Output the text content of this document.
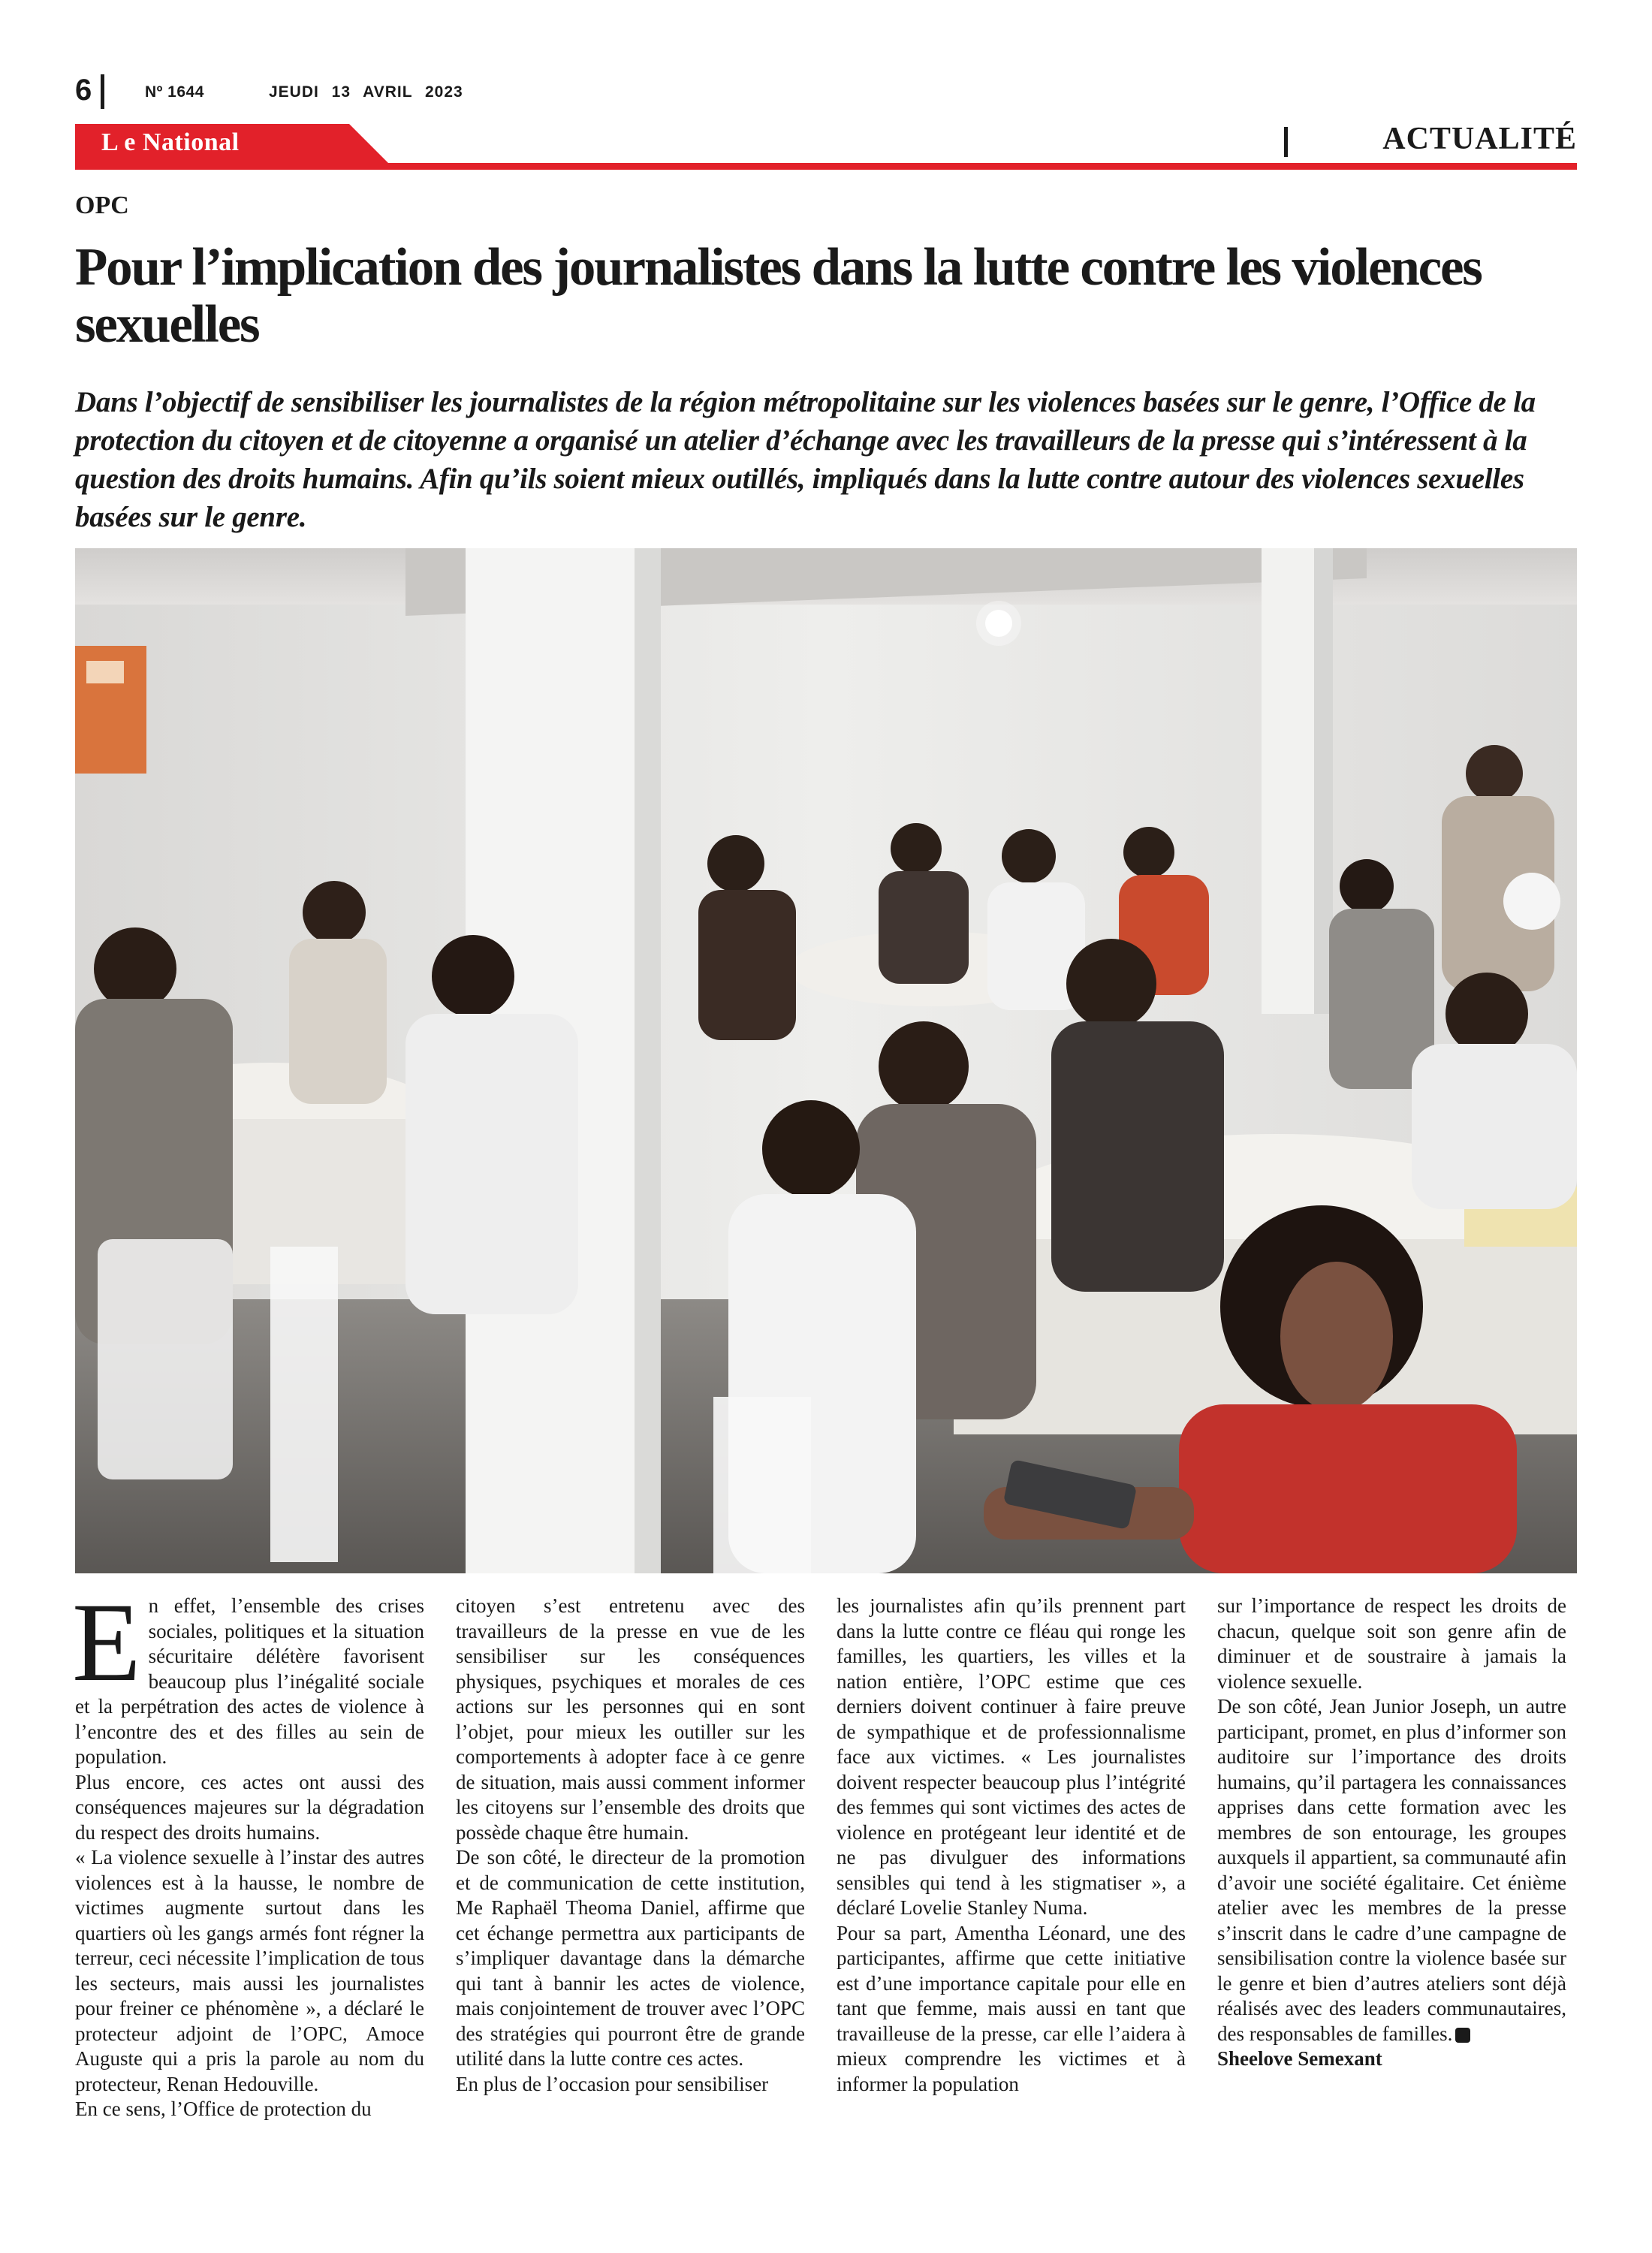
6	Nº 1644	JEUDI 13 AVRIL 2023
L e National	ACTUALITÉ
OPC
Pour l’implication des journalistes dans la lutte contre les violences sexuelles
Dans l’objectif de sensibiliser les journalistes de la région métropolitaine sur les violences basées sur le genre, l’Office de la protection du citoyen et de citoyenne a organisé un atelier d’échange avec les travailleurs de la presse qui s’intéressent à la question des droits humains. Afin qu’ils soient mieux outillés, impliqués dans la lutte contre autour des violences sexuelles basées sur le genre.

En effet, l’ensemble des crises sociales, politiques et la situation sécuritaire délétère favorisent beaucoup plus l’inégalité sociale et la perpétration des actes de violence à l’encontre des et des filles au sein de population.

Plus encore, ces actes ont aussi des conséquences majeures sur la dégradation du respect des droits humains.

« La violence sexuelle à l’instar des autres violences est à la hausse, le nombre de victimes augmente surtout dans les quartiers où les gangs armés font régner la terreur, ceci nécessite l’implication de tous les secteurs, mais aussi les journalistes pour freiner ce phénomène », a déclaré le protecteur adjoint de l’OPC, Amoce Auguste qui a pris la parole au nom du protecteur, Renan Hedouville.

En ce sens, l’Office de protection du

citoyen s’est entretenu avec des travailleurs de la presse en vue de les sensibiliser sur les conséquences physiques, psychiques et morales de ces actions sur les personnes qui en sont l’objet, pour mieux les outiller sur les comportements à adopter face à ce genre de situation, mais aussi comment informer les citoyens sur l’ensemble des droits que possède chaque être humain.

De son côté, le directeur de la promotion et de communication de cette institution, Me Raphaël Theoma Daniel, affirme que cet échange permettra aux participants de s’impliquer davantage dans la démarche qui tant à bannir les actes de violence, mais conjointement de trouver avec l’OPC des stratégies qui pourront être de grande utilité dans la lutte contre ces actes.

En plus de l’occasion pour sensibiliser

les journalistes afin qu’ils prennent part dans la lutte contre ce fléau qui ronge les familles, les quartiers, les villes et la nation entière, l’OPC estime que ces derniers doivent continuer à faire preuve de sympathique et de professionnalisme face aux victimes. « Les journalistes doivent respecter beaucoup plus l’intégrité des femmes qui sont victimes des actes de violence en protégeant leur identité et de ne pas divulguer des informations sensibles qui tend à les stigmatiser », a déclaré Lovelie Stanley Numa.

Pour sa part, Amentha Léonard, une des participantes, affirme que cette initiative est d’une importance capitale pour elle en tant que femme, mais aussi en tant que travailleuse de la presse, car elle l’aidera à mieux comprendre les victimes et à informer la population

sur l’importance de respect les droits de chacun, quelque soit son genre afin de diminuer et de soustraire à jamais la violence sexuelle.

De son côté, Jean Junior Joseph, un autre participant, promet, en plus d’informer son auditoire sur l’importance des droits humains, qu’il partagera les connaissances apprises dans cette formation avec les membres de son entourage, les groupes auxquels il appartient, sa communauté afin d’avoir une société égalitaire. Cet énième atelier avec les membres de la presse s’inscrit dans le cadre d’une campagne de sensibilisation contre la violence basée sur le genre et bien d’autres ateliers sont déjà réalisés avec des leaders communautaires, des responsables de familles.

Sheelove Semexant
